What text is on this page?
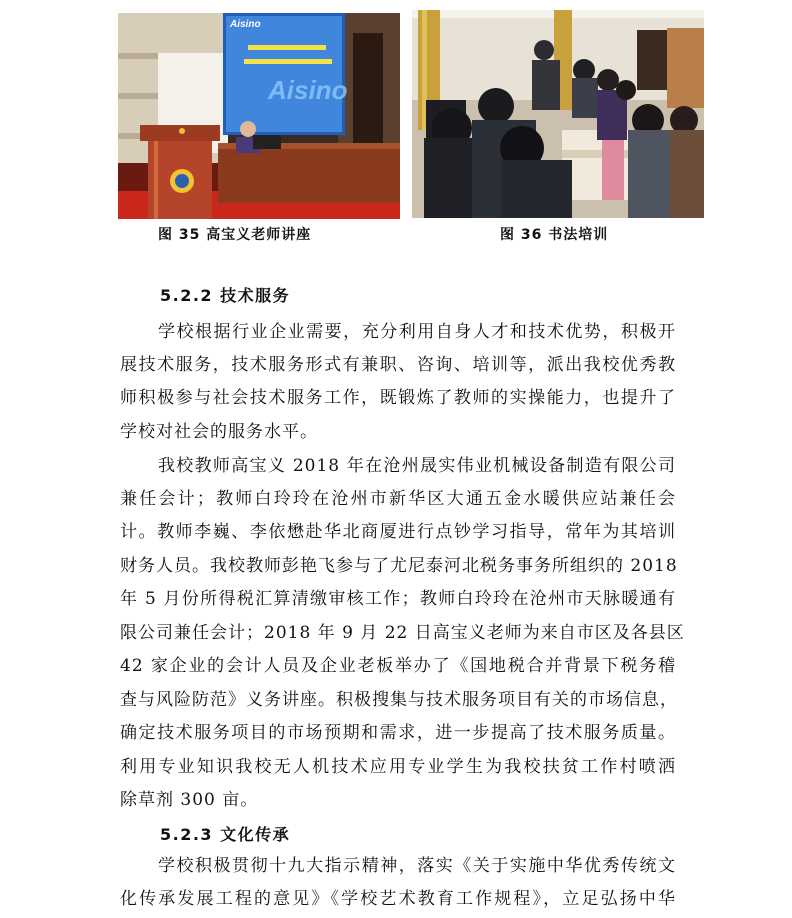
Aisino
Aisino
图 35 高宝义老师讲座	图 36 书法培训
5.2.2 技术服务
学校根据行业企业需要，充分利用自身人才和技术优势，积极开
展技术服务，技术服务形式有兼职、咨询、培训等，派出我校优秀教
师积极参与社会技术服务工作，既锻炼了教师的实操能力，也提升了
学校对社会的服务水平。
我校教师高宝义 2018 年在沧州晟实伟业机械设备制造有限公司
兼任会计；教师白玲玲在沧州市新华区大通五金水暖供应站兼任会
计。教师李巍、李依懋赴华北商厦进行点钞学习指导，常年为其培训
财务人员。我校教师彭艳飞参与了尤尼泰河北税务事务所组织的 2018
年 5 月份所得税汇算清缴审核工作；教师白玲玲在沧州市天脉暖通有
限公司兼任会计；2018 年 9 月 22 日高宝义老师为来自市区及各县区
42 家企业的会计人员及企业老板举办了《国地税合并背景下税务稽
查与风险防范》义务讲座。积极搜集与技术服务项目有关的市场信息，
确定技术服务项目的市场预期和需求，进一步提高了技术服务质量。
利用专业知识我校无人机技术应用专业学生为我校扶贫工作村喷洒
除草剂 300 亩。
5.2.3 文化传承
学校积极贯彻十九大指示精神，落实《关于实施中华优秀传统文
化传承发展工程的意见》《学校艺术教育工作规程》，立足弘扬中华
